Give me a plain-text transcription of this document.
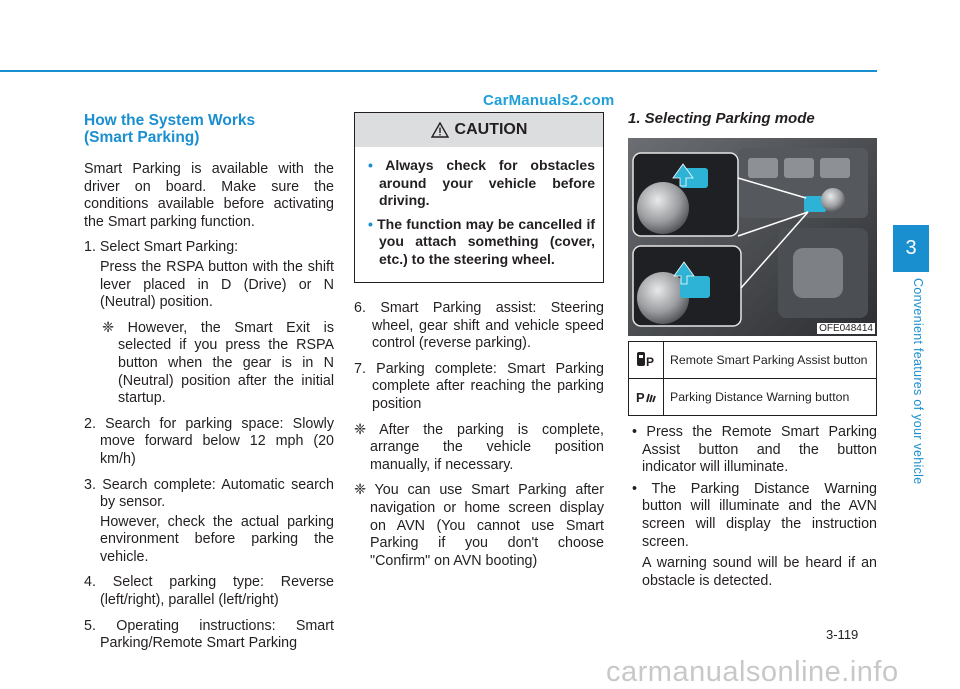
CarManuals2.com
How the System Works
(Smart Parking)

Smart Parking is available with the driver on board. Make sure the conditions available before activating the Smart parking function.

1. Select Smart Parking:

Press the RSPA button with the shift lever placed in D (Drive) or N (Neutral) position.

❈ However, the Smart Exit is selected if you press the RSPA button when the gear is in N (Neutral) position after the initial startup.

2. Search for parking space: Slowly move forward below 12 mph (20 km/h)

3. Search complete: Automatic search by sensor.

However, check the actual parking environment before parking the vehicle.

4. Select parking type: Reverse (left/right), parallel (left/right)

5. Operating instructions: Smart Parking/Remote Smart Parking

CAUTION

• Always check for obstacles around your vehicle before driving.

• The function may be cancelled if you attach something (cover, etc.) to the steering wheel.

6. Smart Parking assist: Steering wheel, gear shift and vehicle speed control (reverse parking).

7. Parking complete: Smart Parking complete after reaching the parking position

❈ After the parking is complete, arrange the vehicle position manually, if necessary.

❈ You can use Smart Parking after navigation or home screen display on AVN (You cannot use Smart Parking if you don't choose "Confirm" on AVN booting)

1. Selecting Parking mode
OFE048414
P	Remote Smart Parking Assist button
P	Parking Distance Warning button

• Press the Remote Smart Parking Assist button and the button indicator will illuminate.

• The Parking Distance Warning button will illuminate and the AVN screen will display the instruction screen.

A warning sound will be heard if an obstacle is detected.

3
Convenient features of your vehicle
3-119
carmanualsonline.info
